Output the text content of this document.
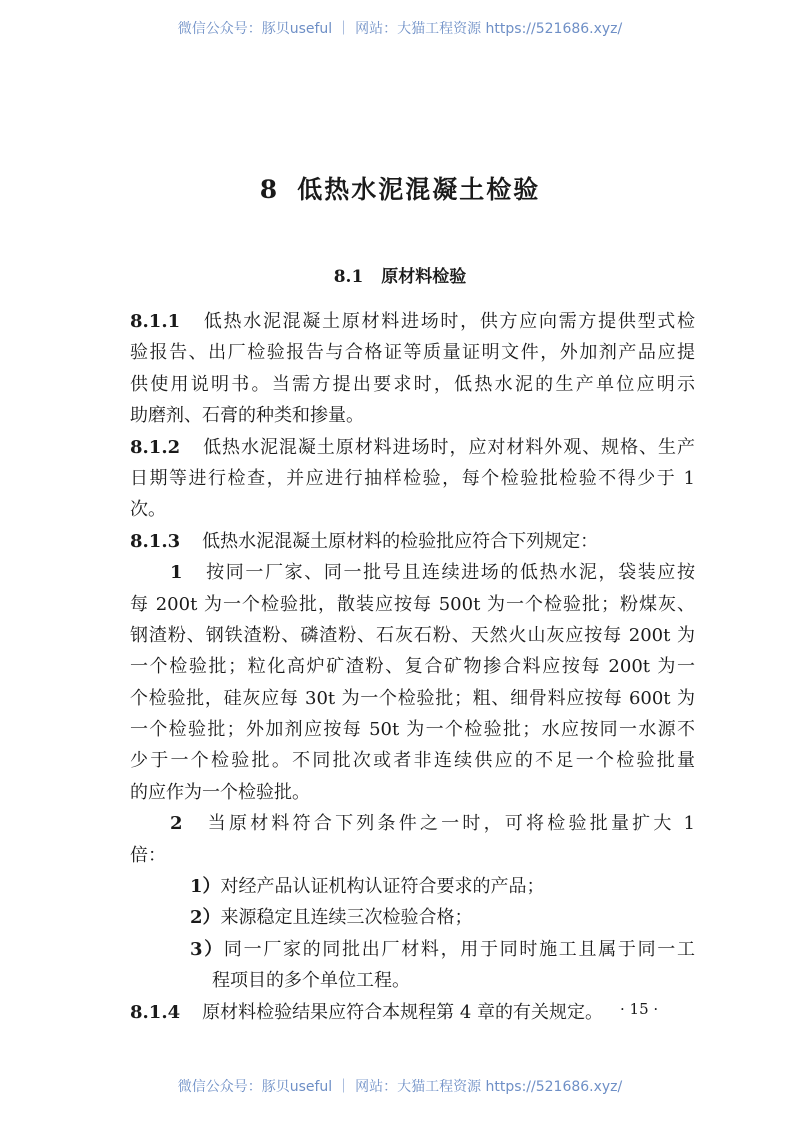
微信公众号：豚贝useful ｜ 网站：大猫工程资源 https://521686.xyz/
8 低热水泥混凝土检验
8.1 原材料检验
8.1.1 低热水泥混凝土原材料进场时，供方应向需方提供型式检
验报告、出厂检验报告与合格证等质量证明文件，外加剂产品应提
供使用说明书。当需方提出要求时，低热水泥的生产单位应明示
助磨剂、石膏的种类和掺量。
8.1.2 低热水泥混凝土原材料进场时，应对材料外观、规格、生产
日期等进行检查，并应进行抽样检验，每个检验批检验不得少于 1
次。
8.1.3 低热水泥混凝土原材料的检验批应符合下列规定：
1 按同一厂家、同一批号且连续进场的低热水泥，袋装应按
每 200t 为一个检验批，散装应按每 500t 为一个检验批；粉煤灰、
钢渣粉、钢铁渣粉、磷渣粉、石灰石粉、天然火山灰应按每 200t 为
一个检验批；粒化高炉矿渣粉、复合矿物掺合料应按每 200t 为一
个检验批，硅灰应每 30t 为一个检验批；粗、细骨料应按每 600t 为
一个检验批；外加剂应按每 50t 为一个检验批；水应按同一水源不
少于一个检验批。不同批次或者非连续供应的不足一个检验批量
的应作为一个检验批。
2 当原材料符合下列条件之一时，可将检验批量扩大 1
倍：
1）对经产品认证机构认证符合要求的产品；
2）来源稳定且连续三次检验合格；
3）同一厂家的同批出厂材料，用于同时施工且属于同一工
程项目的多个单位工程。
8.1.4 原材料检验结果应符合本规程第 4 章的有关规定。	· 15 ·
微信公众号：豚贝useful ｜ 网站：大猫工程资源 https://521686.xyz/
